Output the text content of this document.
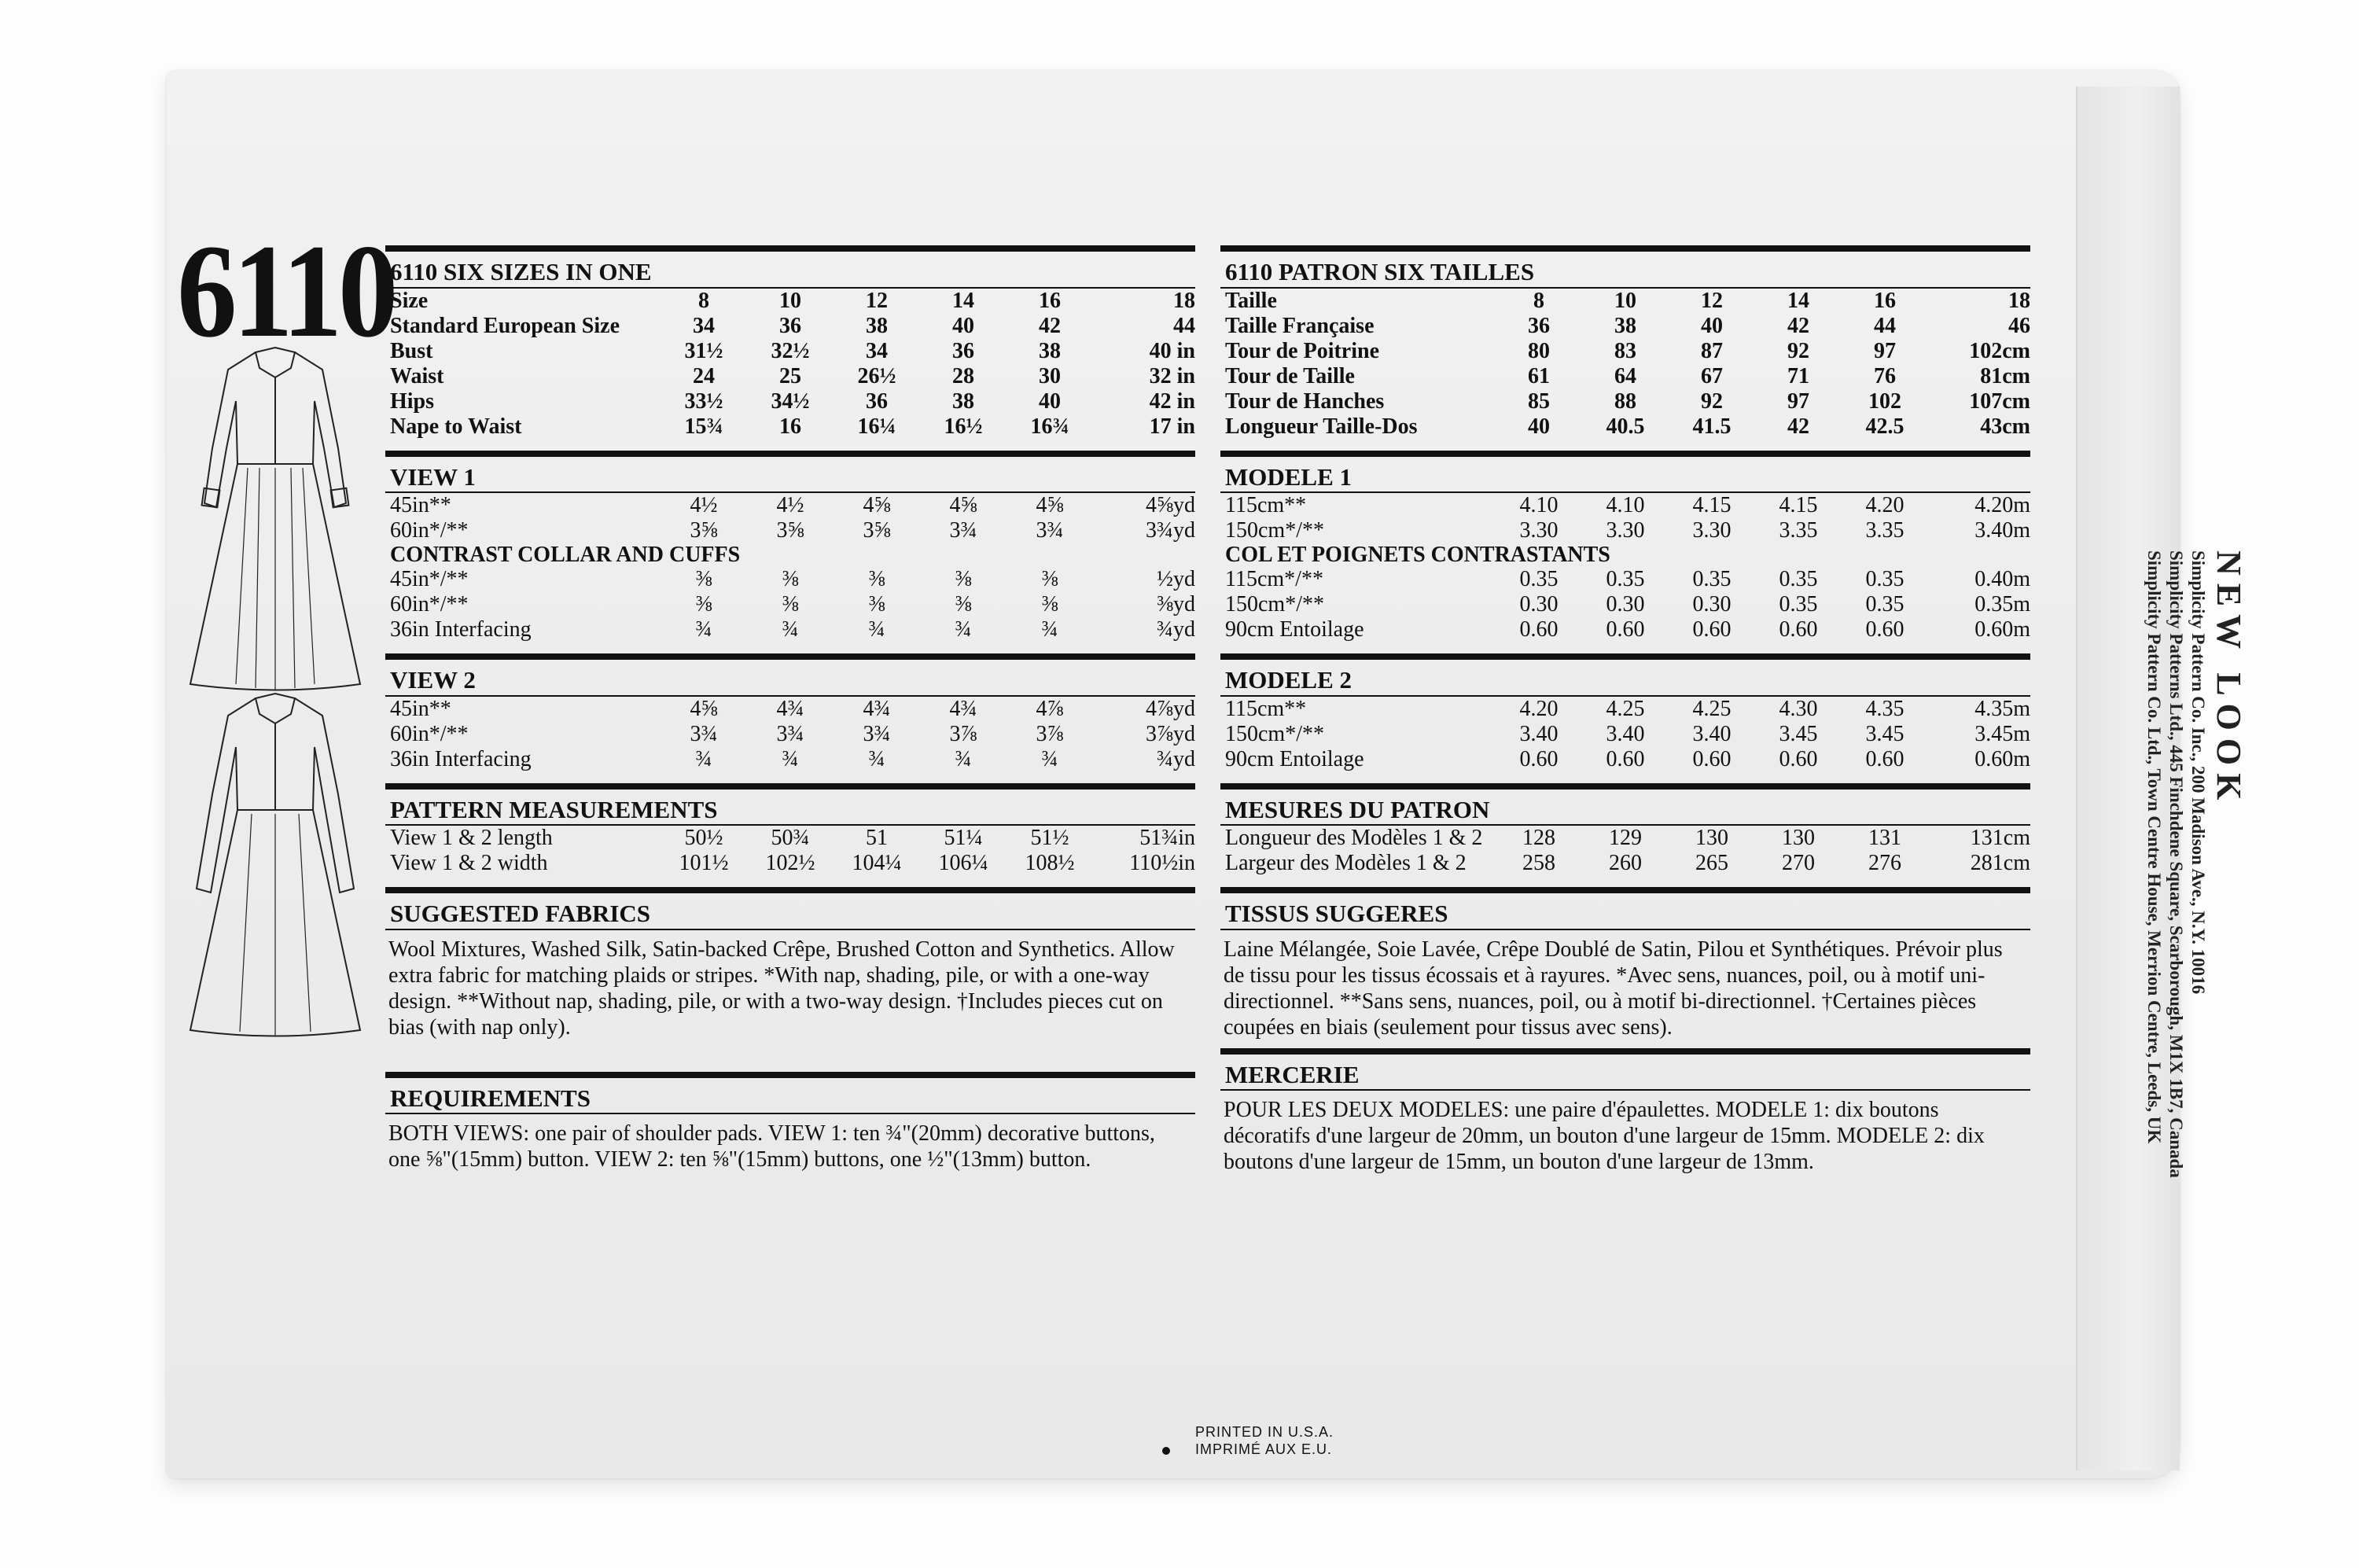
6110
6110 SIX SIZES IN ONE
Size	8	10	12	14	16	18
Standard European Size	34	36	38	40	42	44
Bust	31½	32½	34	36	38	40 in
Waist	24	25	26½	28	30	32 in
Hips	33½	34½	36	38	40	42 in
Nape to Waist	15¾	16	16¼	16½	16¾	17 in
VIEW 1
45in**	4½	4½	4⅝	4⅝	4⅝	4⅝yd
60in*/**	3⅝	3⅝	3⅝	3¾	3¾	3¾yd
CONTRAST COLLAR AND CUFFS
45in*/**	⅜	⅜	⅜	⅜	⅜	½yd
60in*/**	⅜	⅜	⅜	⅜	⅜	⅜yd
36in Interfacing	¾	¾	¾	¾	¾	¾yd
VIEW 2
45in**	4⅝	4¾	4¾	4¾	4⅞	4⅞yd
60in*/**	3¾	3¾	3¾	3⅞	3⅞	3⅞yd
36in Interfacing	¾	¾	¾	¾	¾	¾yd
PATTERN MEASUREMENTS
View 1 & 2 length	50½	50¾	51	51¼	51½	51¾in
View 1 & 2 width	101½	102½	104¼	106¼	108½	110½in
SUGGESTED FABRICS
Wool Mixtures, Washed Silk, Satin-backed Crêpe, Brushed Cotton and Synthetics. Allow extra fabric for matching plaids or stripes. *With nap, shading, pile, or with a one-way design. **Without nap, shading, pile, or with a two-way design. †Includes pieces cut on bias (with nap only).
REQUIREMENTS
BOTH VIEWS: one pair of shoulder pads. VIEW 1: ten ¾"(20mm) decorative buttons, one ⅝"(15mm) button. VIEW 2: ten ⅝"(15mm) buttons, one ½"(13mm) button.
6110 PATRON SIX TAILLES
Taille	8	10	12	14	16	18
Taille Française	36	38	40	42	44	46
Tour de Poitrine	80	83	87	92	97	102cm
Tour de Taille	61	64	67	71	76	81cm
Tour de Hanches	85	88	92	97	102	107cm
Longueur Taille-Dos	40	40.5	41.5	42	42.5	43cm
MODELE 1
115cm**	4.10	4.10	4.15	4.15	4.20	4.20m
150cm*/**	3.30	3.30	3.30	3.35	3.35	3.40m
COL ET POIGNETS CONTRASTANTS
115cm*/**	0.35	0.35	0.35	0.35	0.35	0.40m
150cm*/**	0.30	0.30	0.30	0.35	0.35	0.35m
90cm Entoilage	0.60	0.60	0.60	0.60	0.60	0.60m
MODELE 2
115cm**	4.20	4.25	4.25	4.30	4.35	4.35m
150cm*/**	3.40	3.40	3.40	3.45	3.45	3.45m
90cm Entoilage	0.60	0.60	0.60	0.60	0.60	0.60m
MESURES DU PATRON
Longueur des Modèles 1 & 2	128	129	130	130	131	131cm
Largeur des Modèles 1 & 2	258	260	265	270	276	281cm
TISSUS SUGGERES
Laine Mélangée, Soie Lavée, Crêpe Doublé de Satin, Pilou et Synthétiques. Prévoir plus de tissu pour les tissus écossais et à rayures. *Avec sens, nuances, poil, ou à motif uni-directionnel. **Sans sens, nuances, poil, ou à motif bi-directionnel. †Certaines pièces coupées en biais (seulement pour tissus avec sens).
MERCERIE
POUR LES DEUX MODELES: une paire d'épaulettes. MODELE 1: dix boutons décoratifs d'une largeur de 20mm, un bouton d'une largeur de 15mm. MODELE 2: dix boutons d'une largeur de 15mm, un bouton d'une largeur de 13mm.
NEW LOOK
Simplicity Pattern Co. Inc., 200 Madison Ave., N.Y. 10016
Simplicity Patterns Ltd., 445 Finchdene Square, Scarborough, M1X 1B7, Canada
Simplicity Pattern Co. Ltd., Town Centre House, Merrion Centre, Leeds, UK
PRINTED IN U.S.A.
IMPRIMÉ AUX E.U.
